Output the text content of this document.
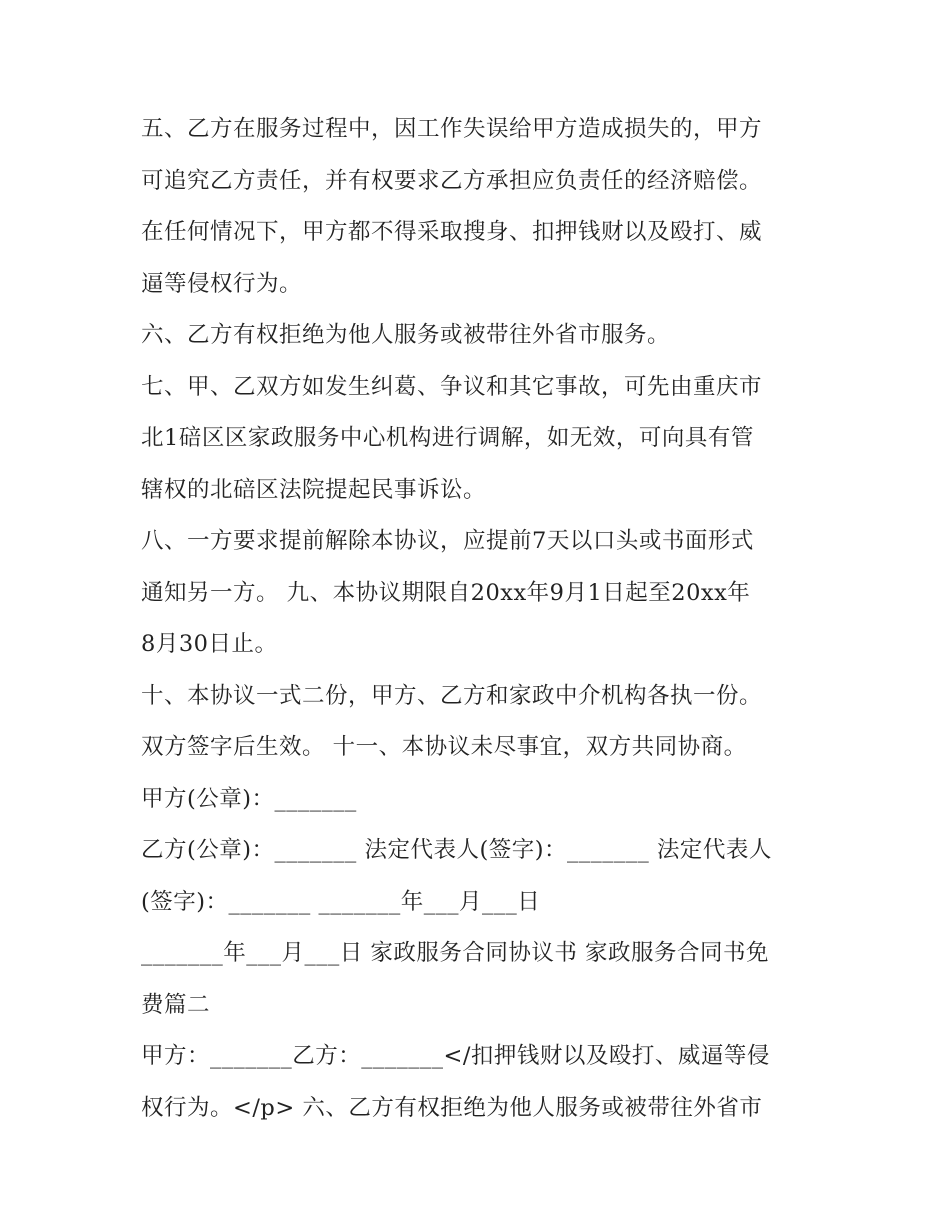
五、乙方在服务过程中，因工作失误给甲方造成损失的，甲方
可追究乙方责任，并有权要求乙方承担应负责任的经济赔偿。
在任何情况下，甲方都不得采取搜身、扣押钱财以及殴打、威
逼等侵权行为。
六、乙方有权拒绝为他人服务或被带往外省市服务。
七、甲、乙双方如发生纠葛、争议和其它事故，可先由重庆市
北1碚区区家政服务中心机构进行调解，如无效，可向具有管
辖权的北碚区法院提起民事诉讼。
八、一方要求提前解除本协议，应提前7天以口头或书面形式
通知另一方。 九、本协议期限自20xx年9月1日起至20xx年
8月30日止。
十、本协议一式二份，甲方、乙方和家政中介机构各执一份。
双方签字后生效。 十一、本协议未尽事宜，双方共同协商。
甲方(公章)：_______
乙方(公章)：_______ 法定代表人(签字)：_______ 法定代表人
(签字)：_______ _______年___月___日
_______年___月___日 家政服务合同协议书 家政服务合同书免
费篇二
甲方：_______乙方：_______</扣押钱财以及殴打、威逼等侵
权行为。</p> 六、乙方有权拒绝为他人服务或被带往外省市
